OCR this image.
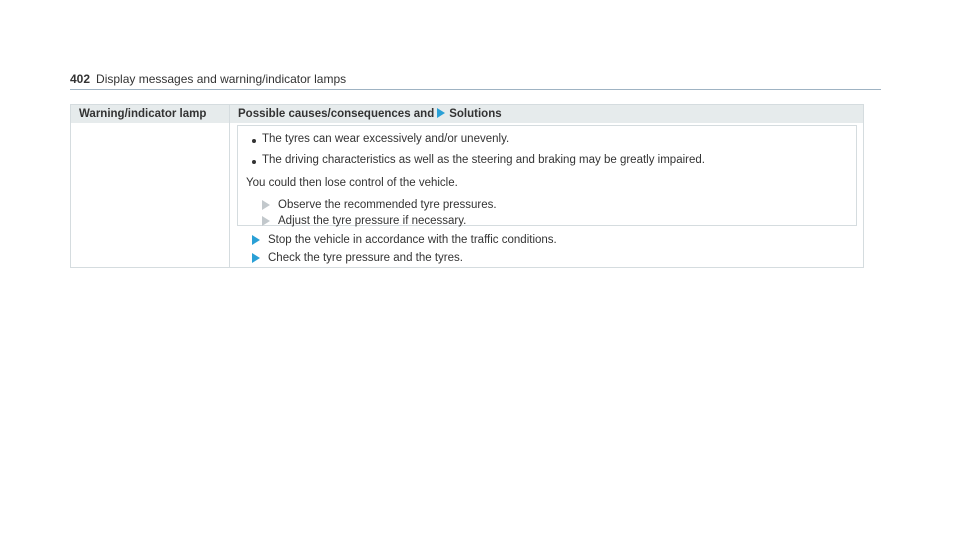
402 Display messages and warning/indicator lamps
Warning/indicator lamp	Possible causes/consequences and Solutions
The tyres can wear excessively and/or unevenly.
The driving characteristics as well as the steering and braking may be greatly impaired.
You could then lose control of the vehicle.
Observe the recommended tyre pressures.
Adjust the tyre pressure if necessary.
Stop the vehicle in accordance with the traffic conditions.
Check the tyre pressure and the tyres.
